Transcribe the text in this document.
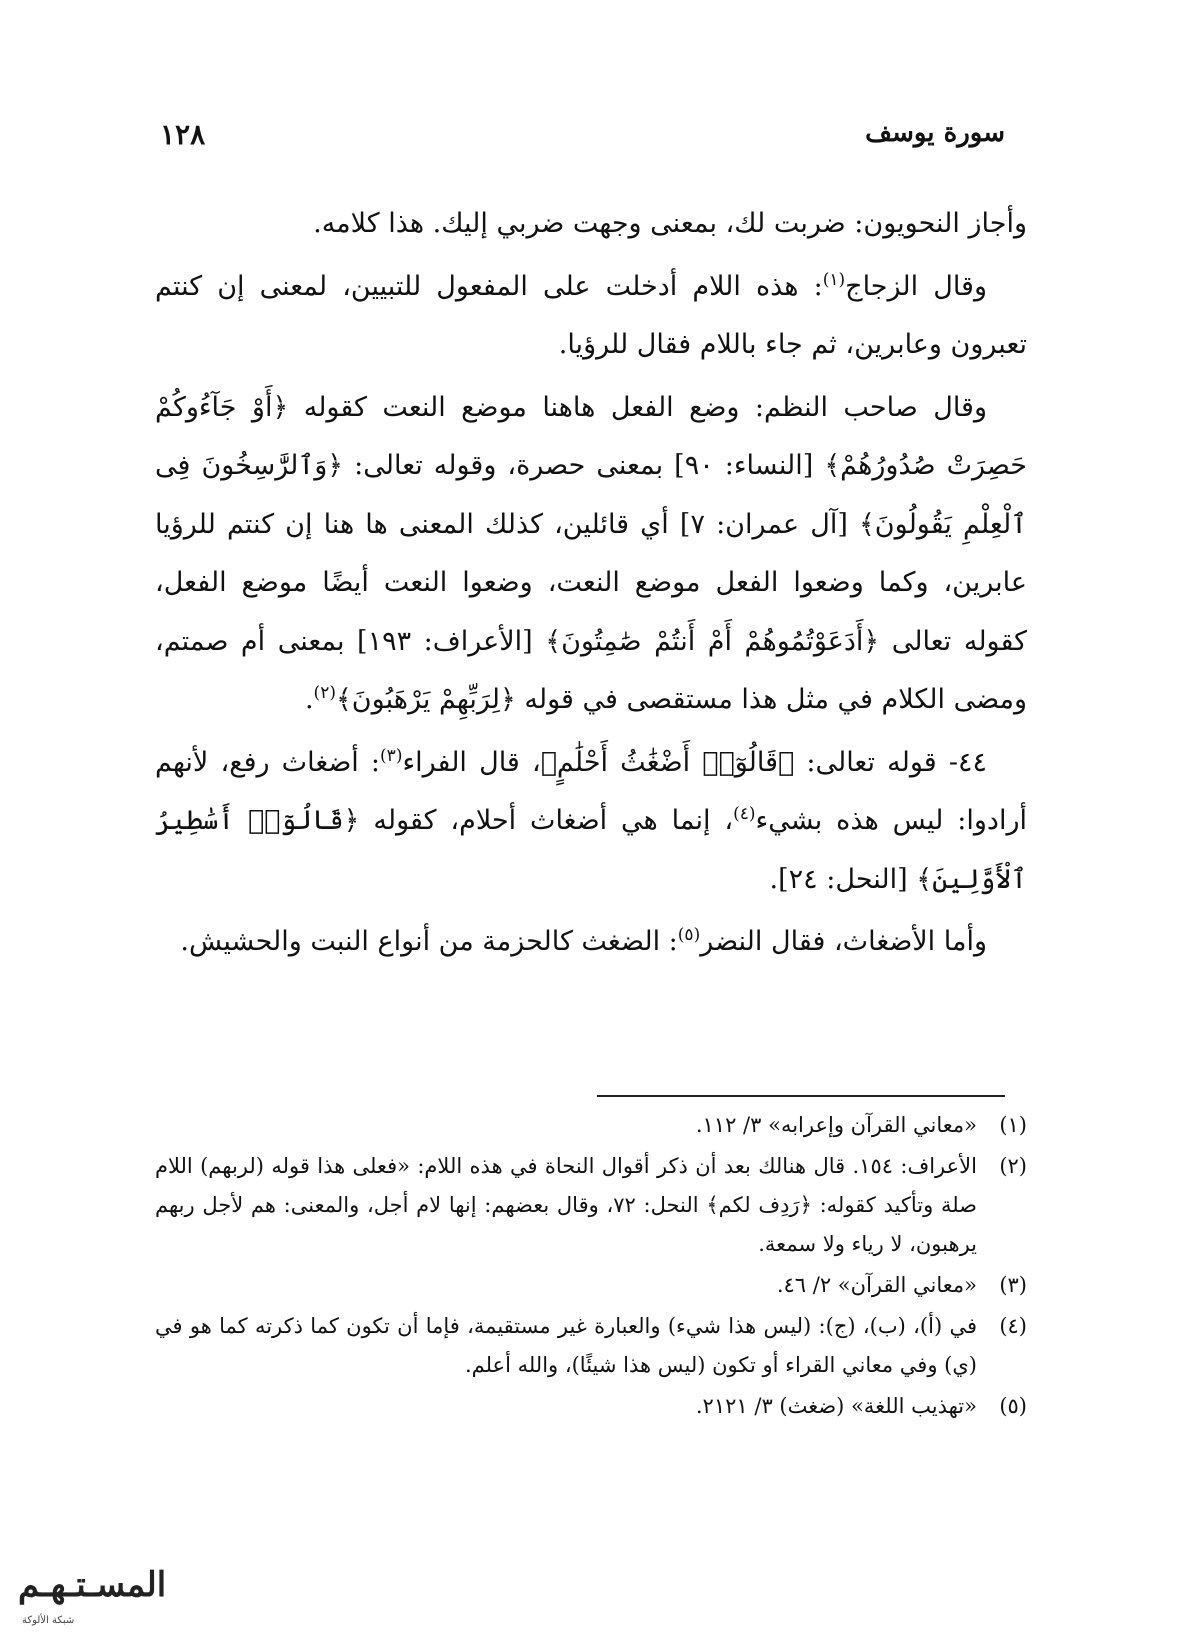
١٢٨	سورة يوسف

وأجاز النحويون: ضربت لك، بمعنى وجهت ضربي إليك. هذا كلامه.

وقال الزجاج$^{(١)}$: هذه اللام أدخلت على المفعول للتبيين، لمعنى إن كنتم تعبرون وعابرين، ثم جاء باللام فقال للرؤيا.

وقال صاحب النظم: وضع الفعل هاهنا موضع النعت كقوله ﴿أَوْ جَآءُوكُمْ حَصِرَتْ صُدُورُهُمْ﴾ [النساء: ٩٠] بمعنى حصرة، وقوله تعالى: ﴿وَٱلرَّٰسِخُونَ فِى ٱلْعِلْمِ يَقُولُونَ﴾ [آل عمران: ٧] أي قائلين، كذلك المعنى ها هنا إن كنتم للرؤيا عابرين، وكما وضعوا الفعل موضع النعت، وضعوا النعت أيضًا موضع الفعل، كقوله تعالى ﴿أَدَعَوْتُمُوهُمْ أَمْ أَنتُمْ صَٰمِتُونَ﴾ [الأعراف: ١٩٣] بمعنى أم صمتم، ومضى الكلام في مثل هذا مستقصى في قوله ﴿لِرَبِّهِمْ يَرْهَبُونَ﴾$^{(٢)}$.

٤٤- قوله تعالى: ﴿قَالُوٓا۟ أَضْغَٰثُ أَحْلَٰمٍ﴾، قال الفراء$^{(٣)}$: أضغاث رفع، لأنهم أرادوا: ليس هذه بشيء$^{(٤)}$، إنما هي أضغاث أحلام، كقوله ﴿قَالُوٓا۟ أَسَٰطِيرُ ٱلْأَوَّلِينَ﴾ [النحل: ٢٤].

وأما الأضغاث، فقال النضر$^{(٥)}$: الضغث كالحزمة من أنواع النبت والحشيش.

(١)
«معاني القرآن وإعرابه» ٣/ ١١٢.
(٢)
الأعراف: ١٥٤. قال هنالك بعد أن ذكر أقوال النحاة في هذه اللام: «فعلى هذا قوله (لربهم) اللام صلة وتأكيد كقوله: ﴿رَدِف لكم﴾ النحل: ٧٢، وقال بعضهم: إنها لام أجل، والمعنى: هم لأجل ربهم يرهبون، لا رياء ولا سمعة.
(٣)
«معاني القرآن» ٢/ ٤٦.
(٤)
في (أ)، (ب)، (ج): (ليس هذا شيء) والعبارة غير مستقيمة، فإما أن تكون كما ذكرته كما هو في (ي) وفي معاني القراء أو تكون (ليس هذا شيئًا)، والله أعلم.
(٥)
«تهذيب اللغة» (ضغث) ٣/ ٢١٢١.
المسـتـهـم
شبكة الألوكة
